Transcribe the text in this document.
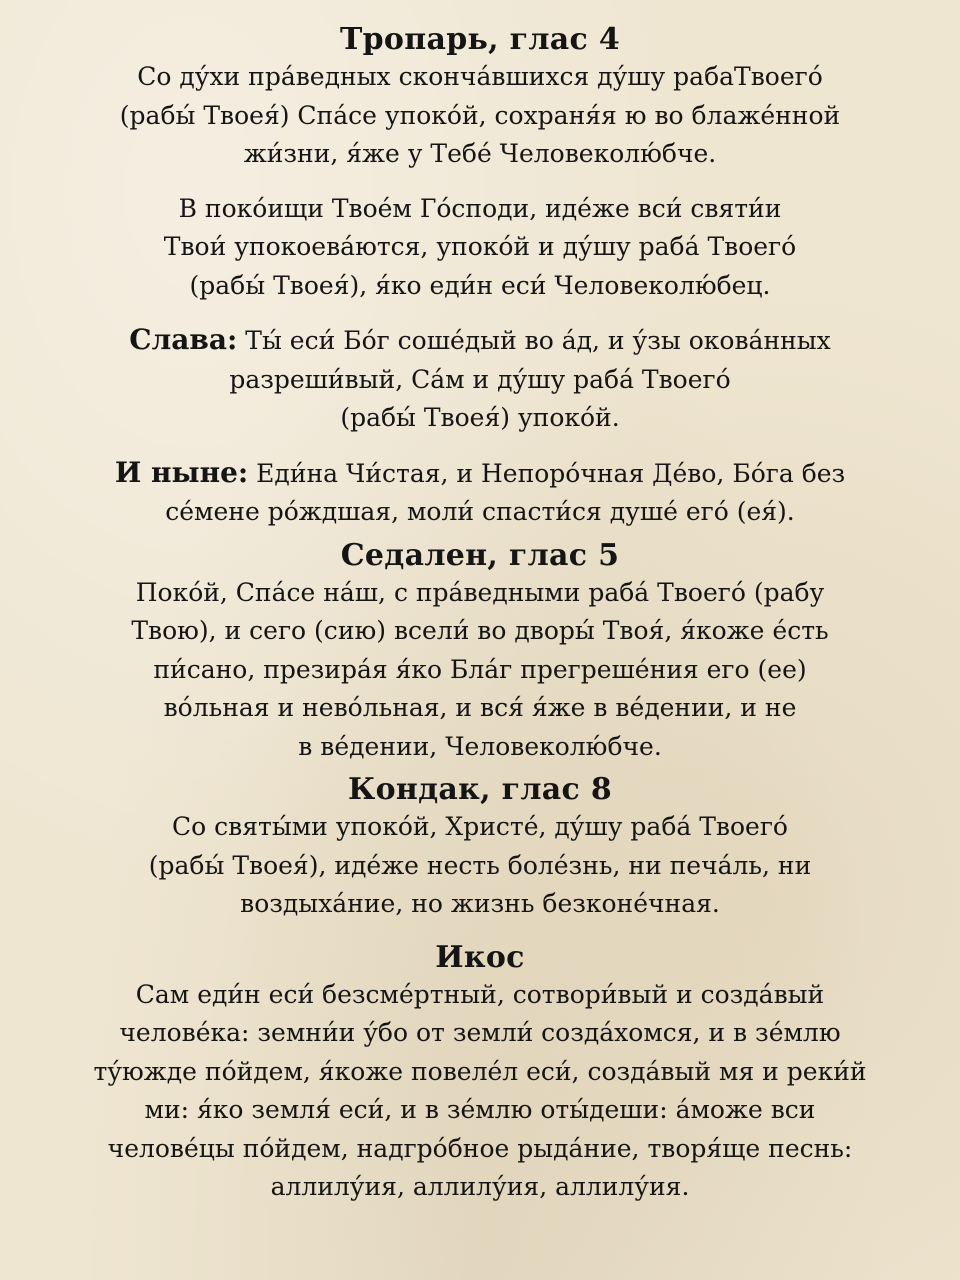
Тропарь, глас 4

Со ду́хи пра́ведных сконча́вшихся ду́шу рабаТвоего́
(рабы́ Твоея́) Спа́се упоко́й, сохраня́я ю во блаже́нной
жи́зни, я́же у Тебе́ Человеколю́бче.

В поко́ищи Твое́м Го́споди, иде́же вси́ святи́и
Твои́ упокоева́ются, упоко́й и ду́шу раба́ Твоего́
(рабы́ Твоея́), я́ко еди́н еси́ Человеколю́бец.

Слава: Ты́ еси́ Бо́г соше́дый во а́д, и у́зы окова́нных
разреши́вый, Са́м и ду́шу раба́ Твоего́
(рабы́ Твоея́) упоко́й.

И ныне: Еди́на Чи́стая, и Непоро́чная Де́во, Бо́га без
се́мене ро́ждшая, моли́ спасти́ся душе́ его́ (ея́).

Седален, глас 5

Поко́й, Спа́се на́ш, с пра́ведными раба́ Твоего́ (рабу
Твою), и сего (сию) всели́ во дворы́ Твоя́, я́коже е́сть
пи́сано, презира́я я́ко Бла́г прегреше́ния его (ее)
во́льная и нево́льная, и вся́ я́же в ве́дении, и не
в ве́дении, Человеколю́бче.

Кондак, глас 8

Со святы́ми упоко́й, Христе́, ду́шу раба́ Твоего́
(рабы́ Твоея́), иде́же несть боле́знь, ни печа́ль, ни
воздыха́ние, но жизнь безконе́чная.

Икос

Сам еди́н еси́ безсме́ртный, сотвори́вый и созда́вый
челове́ка: земни́и у́бо от земли́ созда́хомся, и в зе́млю
ту́южде по́йдем, я́коже повеле́л еси́, созда́вый мя и реки́й
ми: я́ко земля́ еси́, и в зе́млю оты́деши: а́може вси
челове́цы по́йдем, надгро́бное рыда́ние, творя́ще песнь:
аллилу́ия, аллилу́ия, аллилу́ия.
